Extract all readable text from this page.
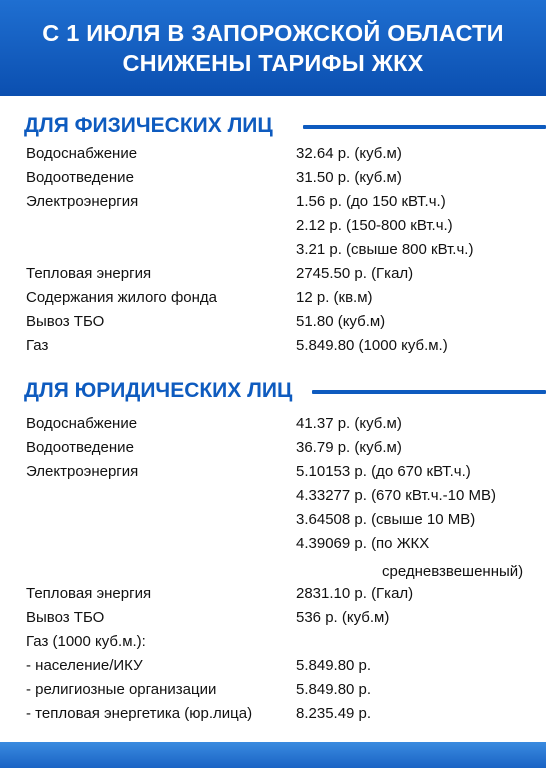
С 1 ИЮЛЯ В ЗАПОРОЖСКОЙ ОБЛАСТИ
СНИЖЕНЫ ТАРИФЫ ЖКХ
ДЛЯ ФИЗИЧЕСКИХ ЛИЦ
Водоснабжение	32.64 р. (куб.м)
Водоотведение	31.50 р. (куб.м)
Электроэнергия	1.56 р. (до 150 кВТ.ч.)
2.12 р. (150-800 кВт.ч.)
3.21 р. (свыше 800 кВт.ч.)
Тепловая энергия	2745.50 р. (Гкал)
Содержания жилого фонда	12 р. (кв.м)
Вывоз ТБО	51.80 (куб.м)
Газ	5.849.80 (1000 куб.м.)
ДЛЯ ЮРИДИЧЕСКИХ ЛИЦ
Водоснабжение	41.37 р. (куб.м)
Водоотведение	36.79 р. (куб.м)
Электроэнергия	5.10153 р. (до 670 кВТ.ч.)
4.33277 р. (670 кВт.ч.-10 МВ)
3.64508 р. (свыше 10 МВ)
4.39069 р. (по ЖКХ
средневзвешенный)
Тепловая энергия	2831.10 р. (Гкал)
Вывоз ТБО	536 р. (куб.м)
Газ (1000 куб.м.):
- население/ИКУ	5.849.80 р.
- религиозные организации	5.849.80 р.
- тепловая энергетика (юр.лица)	8.235.49 р.
